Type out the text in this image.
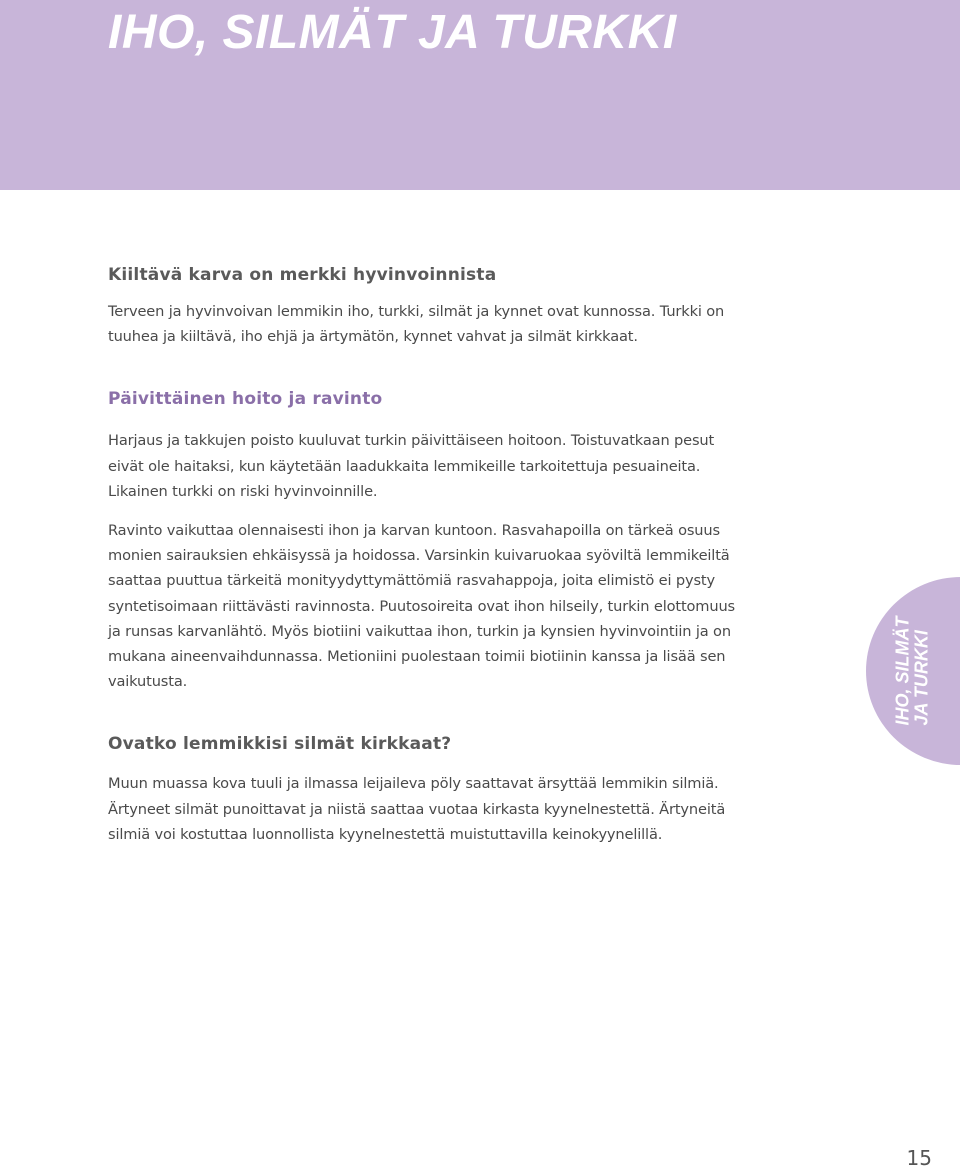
IHO, SILMÄT JA TURKKI
Kiiltävä karva on merkki hyvinvoinnista

Terveen ja hyvinvoivan lemmikin iho, turkki, silmät ja kynnet ovat kunnossa. Turkki on tuuhea ja kiiltävä, iho ehjä ja ärtymätön, kynnet vahvat ja silmät kirkkaat.

Päivittäinen hoito ja ravinto

Harjaus ja takkujen poisto kuuluvat turkin päivittäiseen hoitoon. Toistuvatkaan pesut eivät ole haitaksi, kun käytetään laadukkaita lemmikeille tarkoitettuja pesuaineita. Likainen turkki on riski hyvinvoinnille.

Ravinto vaikuttaa olennaisesti ihon ja karvan kuntoon. Rasvahapoilla on tärkeä osuus monien sairauksien ehkäisyssä ja hoidossa. Varsinkin kuivaruokaa syöviltä lemmikeiltä saattaa puuttua tärkeitä monityydyttymättömiä rasvahappoja, joita elimistö ei pysty syntetisoimaan riittävästi ravinnosta. Puutosoireita ovat ihon hilseily, turkin elottomuus ja runsas karvanlähtö. Myös biotiini vaikuttaa ihon, turkin ja kynsien hyvinvointiin ja on mukana aineenvaihdunnassa. Metioniini puolestaan toimii biotiinin kanssa ja lisää sen vaikutusta.

Ovatko lemmikkisi silmät kirkkaat?

Muun muassa kova tuuli ja ilmassa leijaileva pöly saattavat ärsyttää lemmikin silmiä. Ärtyneet silmät punoittavat ja niistä saattaa vuotaa kirkasta kyynelnestettä. Ärtyneitä silmiä voi kostuttaa luonnollista kyynelnestettä muistuttavilla keinokyynelillä.

IHO, SILMÄT JA TURKKI
15
